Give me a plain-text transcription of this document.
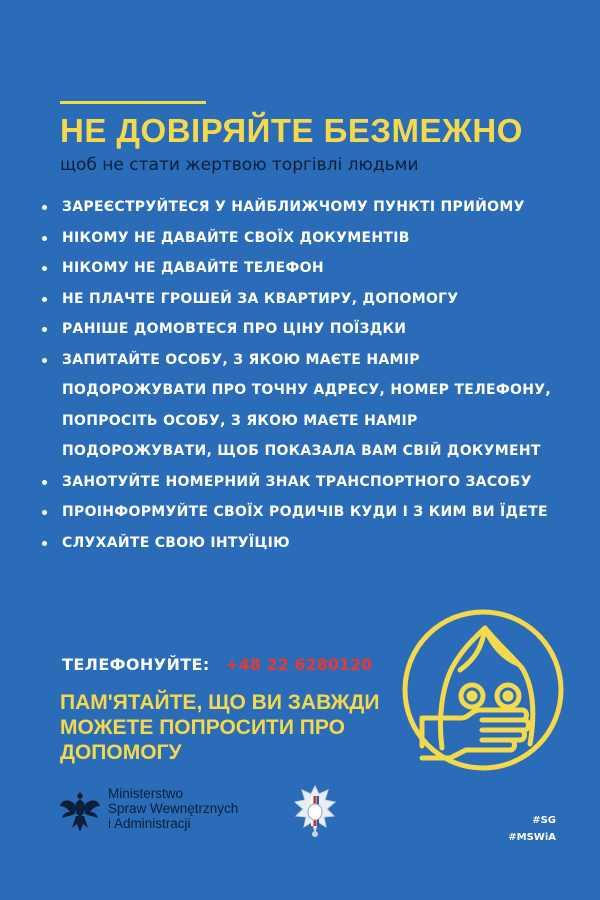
НЕ ДОВІРЯЙТЕ БЕЗМЕЖНО
щоб не стати жертвою торгівлі людьми
ЗАРЕЄСТРУЙТЕСЯ У НАЙБЛИЖЧОМУ ПУНКТІ ПРИЙОМУ
НІКОМУ НЕ ДАВАЙТЕ СВОЇХ ДОКУМЕНТІВ
НІКОМУ НЕ ДАВАЙТЕ ТЕЛЕФОН
НЕ ПЛАЧТЕ ГРОШЕЙ ЗА КВАРТИРУ, ДОПОМОГУ
РАНІШЕ ДОМОВТЕСЯ ПРО ЦІНУ ПОЇЗДКИ
ЗАПИТАЙТЕ ОСОБУ, З ЯКОЮ МАЄТЕ НАМІР ПОДОРОЖУВАТИ ПРО ТОЧНУ АДРЕСУ, НОМЕР ТЕЛЕФОНУ, ПОПРОСІТЬ ОСОБУ, З ЯКОЮ МАЄТЕ НАМІР ПОДОРОЖУВАТИ, ЩОБ ПОКАЗАЛА ВАМ СВІЙ ДОКУМЕНТ
ЗАНОТУЙТЕ НОМЕРНИЙ ЗНАК ТРАНСПОРТНОГО ЗАСОБУ
ПРОІНФОРМУЙТЕ СВОЇХ РОДИЧІВ КУДИ І З КИМ ВИ ЇДЕТЕ
СЛУХАЙТЕ СВОЮ ІНТУЇЦІЮ
ТЕЛЕФОНУЙТЕ: +48 22 6280120
ПАМ'ЯТАЙТЕ, ЩО ВИ ЗАВЖДИ МОЖЕТЕ ПОПРОСИТИ ПРО ДОПОМОГУ
Ministerstwo
Spraw Wewnętrznych
i Administracji	#SG
#MSWiA
